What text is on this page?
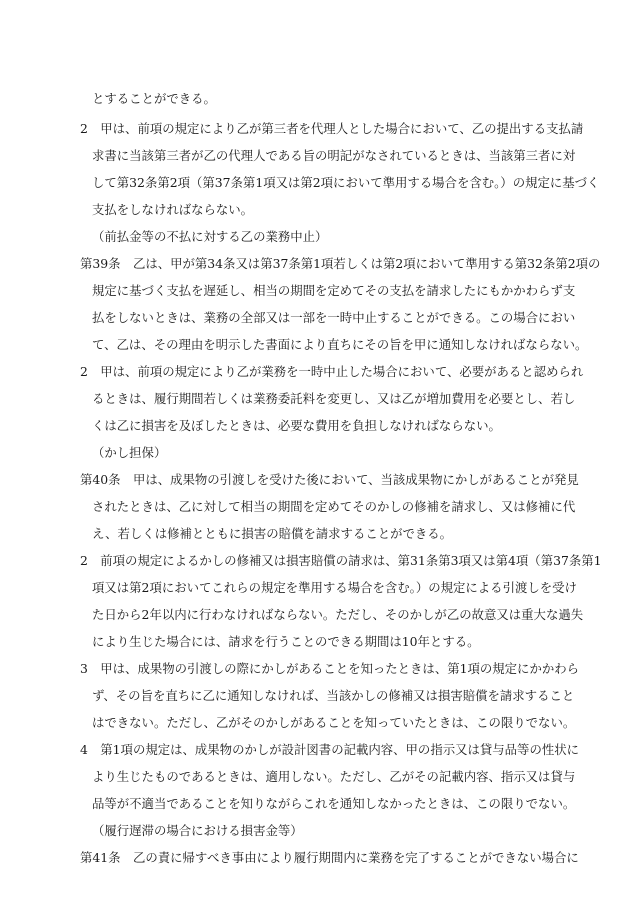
とすることができる。
2　甲は、前項の規定により乙が第三者を代理人とした場合において、乙の提出する支払請
求書に当該第三者が乙の代理人である旨の明記がなされているときは、当該第三者に対
して第32条第2項（第37条第1項又は第2項において準用する場合を含む。）の規定に基づく
支払をしなければならない。
（前払金等の不払に対する乙の業務中止）
第39条　乙は、甲が第34条又は第37条第1項若しくは第2項において準用する第32条第2項の
規定に基づく支払を遅延し、相当の期間を定めてその支払を請求したにもかかわらず支
払をしないときは、業務の全部又は一部を一時中止することができる。この場合におい
て、乙は、その理由を明示した書面により直ちにその旨を甲に通知しなければならない。
2　甲は、前項の規定により乙が業務を一時中止した場合において、必要があると認められ
るときは、履行期間若しくは業務委託料を変更し、又は乙が増加費用を必要とし、若し
くは乙に損害を及ぼしたときは、必要な費用を負担しなければならない。
（かし担保）
第40条　甲は、成果物の引渡しを受けた後において、当該成果物にかしがあることが発見
されたときは、乙に対して相当の期間を定めてそのかしの修補を請求し、又は修補に代
え、若しくは修補とともに損害の賠償を請求することができる。
2　前項の規定によるかしの修補又は損害賠償の請求は、第31条第3項又は第4項（第37条第1
項又は第2項においてこれらの規定を準用する場合を含む。）の規定による引渡しを受け
た日から2年以内に行わなければならない。ただし、そのかしが乙の故意又は重大な過失
により生じた場合には、請求を行うことのできる期間は10年とする。
3　甲は、成果物の引渡しの際にかしがあることを知ったときは、第1項の規定にかかわら
ず、その旨を直ちに乙に通知しなければ、当該かしの修補又は損害賠償を請求すること
はできない。ただし、乙がそのかしがあることを知っていたときは、この限りでない。
4　第1項の規定は、成果物のかしが設計図書の記載内容、甲の指示又は貸与品等の性状に
より生じたものであるときは、適用しない。ただし、乙がその記載内容、指示又は貸与
品等が不適当であることを知りながらこれを通知しなかったときは、この限りでない。
（履行遅滞の場合における損害金等）
第41条　乙の責に帰すべき事由により履行期間内に業務を完了することができない場合に
